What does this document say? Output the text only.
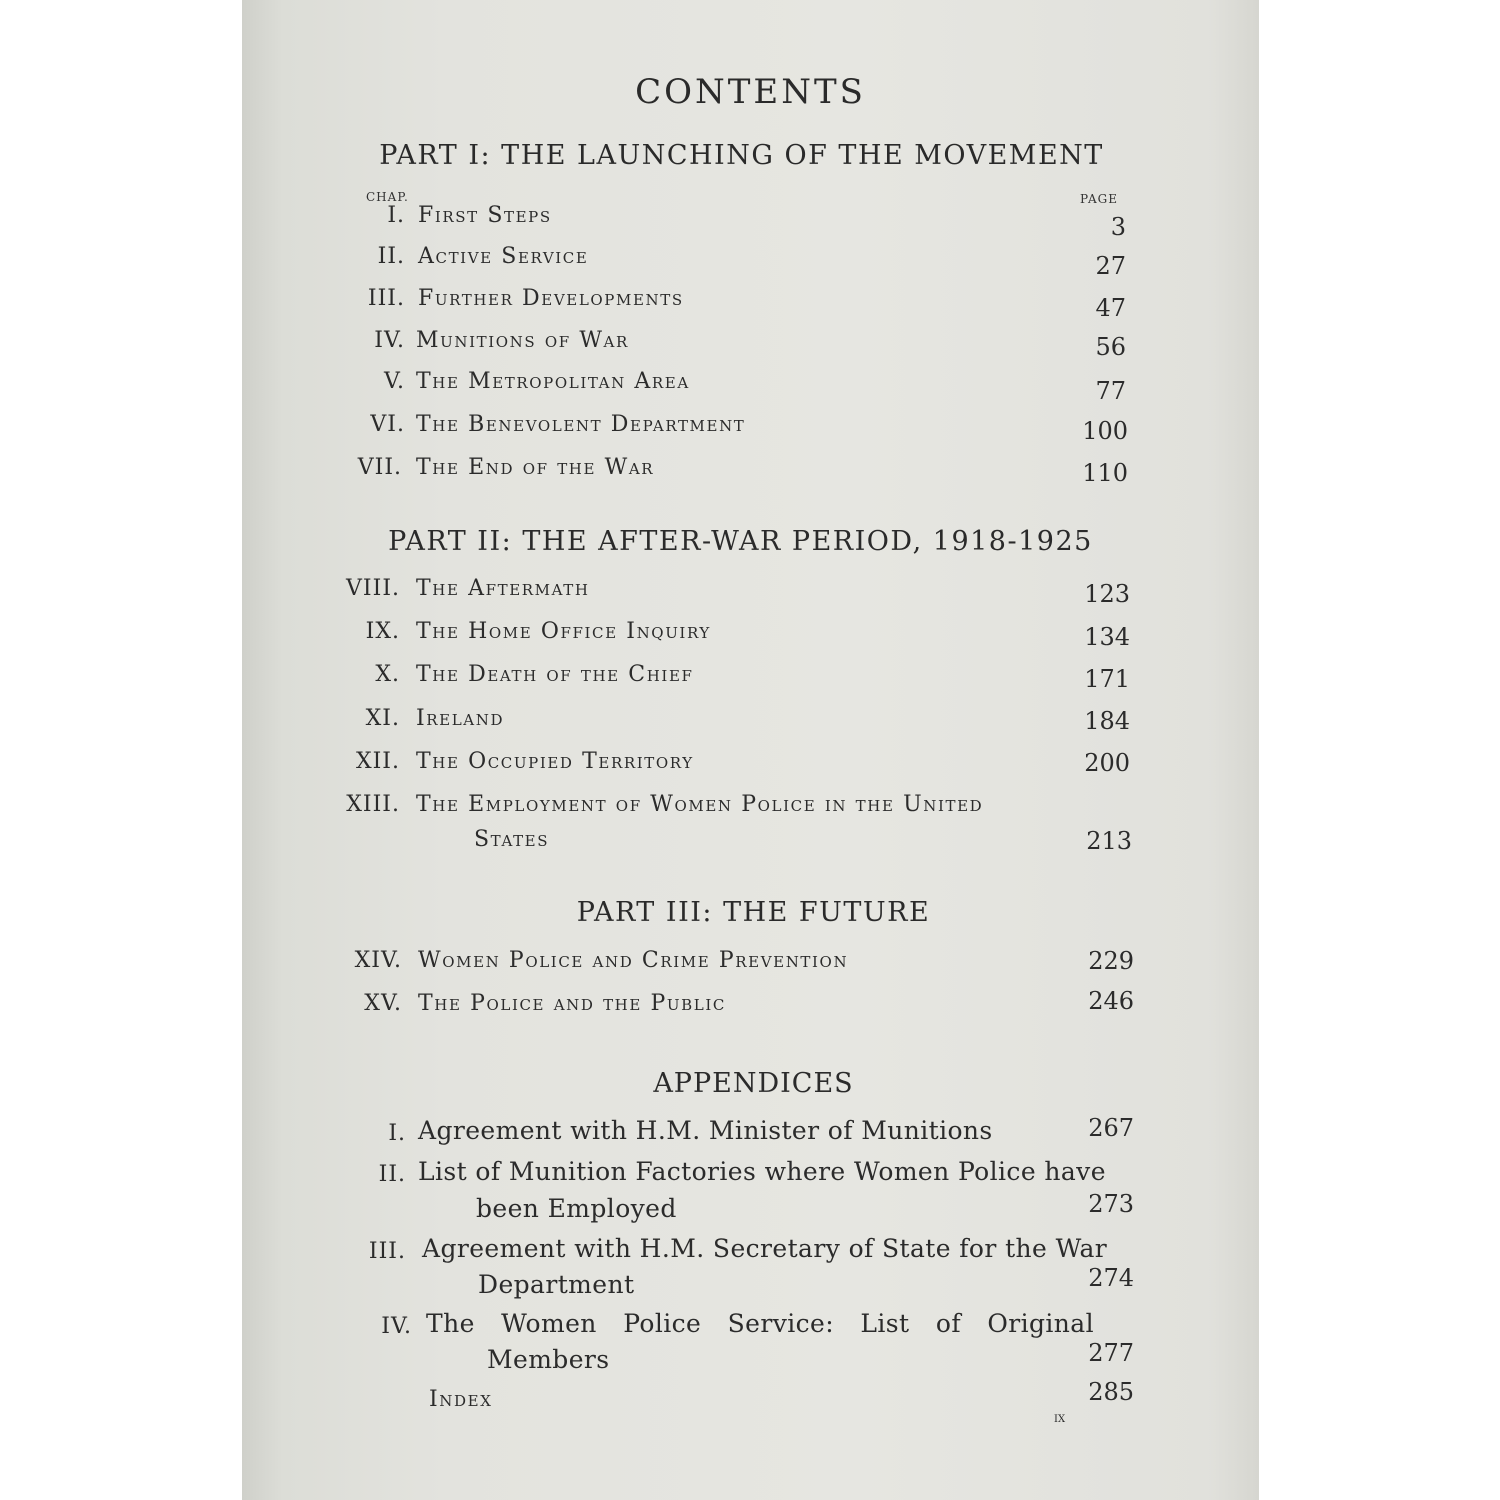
CONTENTS
PART I: THE LAUNCHING OF THE MOVEMENT
CHAP.	PAGE
I. First Steps	3
II. Active Service	27
III. Further Developments	47
IV. Munitions of War	56
V. The Metropolitan Area	77
VI. The Benevolent Department	100
VII. The End of the War	110
PART II: THE AFTER-WAR PERIOD, 1918-1925
VIII. The Aftermath	123
IX. The Home Office Inquiry	134
X. The Death of the Chief	171
XI. Ireland	184
XII. The Occupied Territory	200
XIII. The Employment of Women Police in the United
States	213
PART III: THE FUTURE
XIV. Women Police and Crime Prevention	229
XV. The Police and the Public	246
APPENDICES
I. Agreement with H.M. Minister of Munitions	267
II. List of Munition Factories where Women Police have
been Employed	273
III. Agreement with H.M. Secretary of State for the War
Department	274
IV. The Women Police Service: List of Original
Members	277
Index	285
ix
